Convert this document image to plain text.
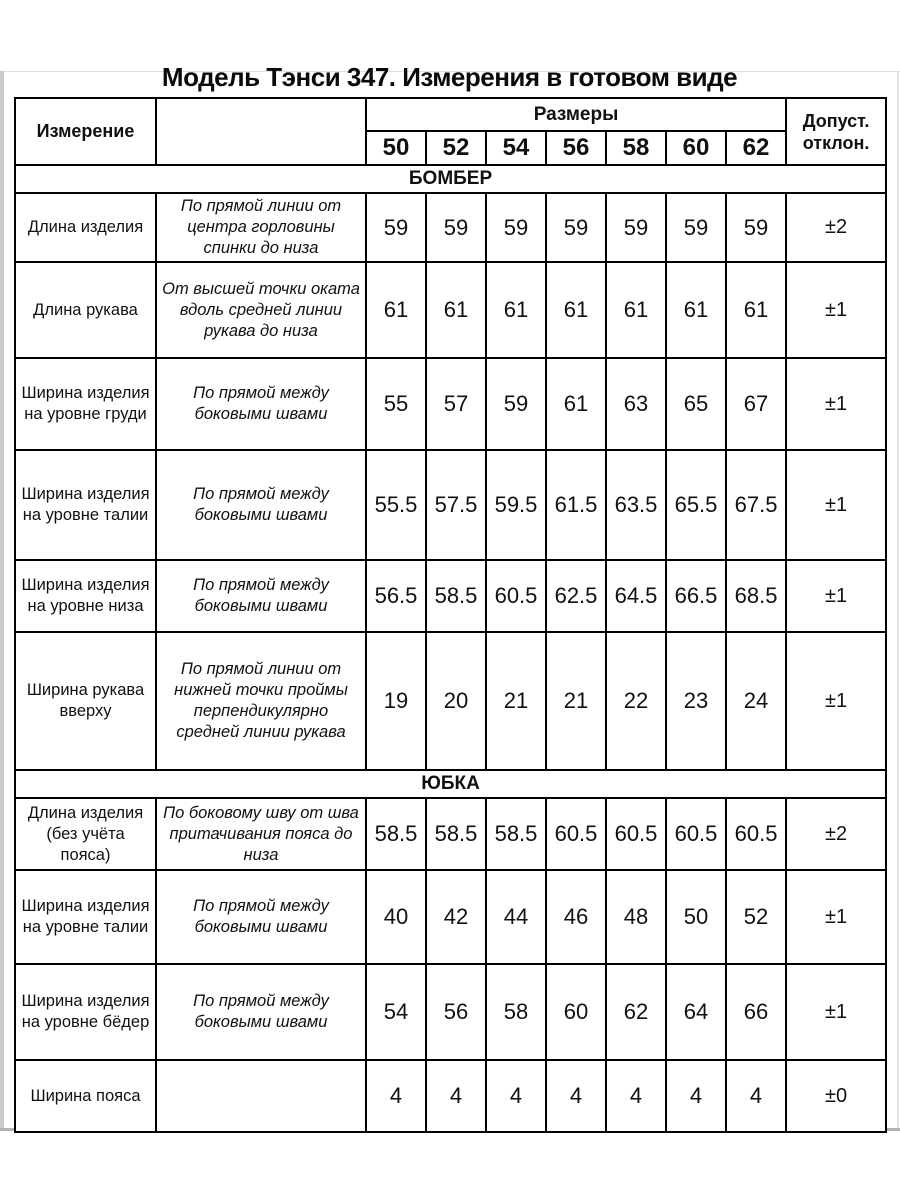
Модель Тэнси 347. Измерения в готовом виде
Измерение		Размеры							Допуст. отклон.
		50	52	54	56	58	60	62	
БОМБЕР									
Длина изделия	По прямой линии от центра горловины спинки до низа	59	59	59	59	59	59	59	±2
Длина рукава	От высшей точки оката вдоль средней линии рукава до низа	61	61	61	61	61	61	61	±1
Ширина изделия на уровне груди	По прямой между боковыми швами	55	57	59	61	63	65	67	±1
Ширина изделия на уровне талии	По прямой между боковыми швами	55.5	57.5	59.5	61.5	63.5	65.5	67.5	±1
Ширина изделия на уровне низа	По прямой между боковыми швами	56.5	58.5	60.5	62.5	64.5	66.5	68.5	±1
Ширина рукава вверху	По прямой линии от нижней точки проймы перпендикулярно средней линии рукава	19	20	21	21	22	23	24	±1
ЮБКА									
Длина изделия (без учёта пояса)	По боковому шву от шва притачивания пояса до низа	58.5	58.5	58.5	60.5	60.5	60.5	60.5	±2
Ширина изделия на уровне талии	По прямой между боковыми швами	40	42	44	46	48	50	52	±1
Ширина изделия на уровне бёдер	По прямой между боковыми швами	54	56	58	60	62	64	66	±1
Ширина пояса		4	4	4	4	4	4	4	±0
